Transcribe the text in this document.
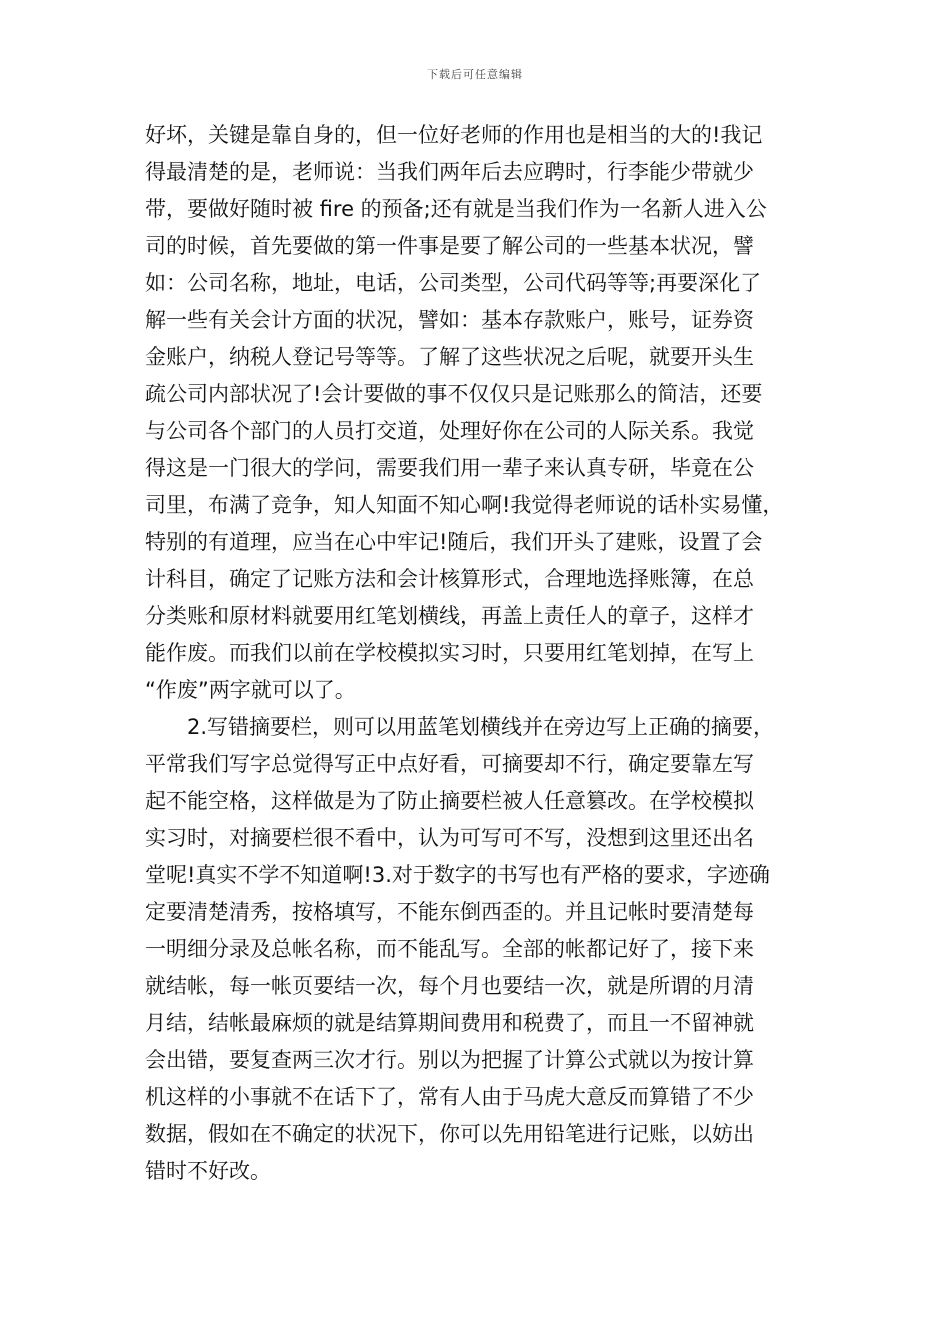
下载后可任意编辑
好坏，关键是靠自身的，但一位好老师的作用也是相当的大的!我记
得最清楚的是，老师说：当我们两年后去应聘时，行李能少带就少
带，要做好随时被 fire 的预备;还有就是当我们作为一名新人进入公
司的时候，首先要做的第一件事是要了解公司的一些基本状况，譬
如：公司名称，地址，电话，公司类型，公司代码等等;再要深化了
解一些有关会计方面的状况，譬如：基本存款账户，账号，证券资
金账户，纳税人登记号等等。了解了这些状况之后呢，就要开头生
疏公司内部状况了!会计要做的事不仅仅只是记账那么的简洁，还要
与公司各个部门的人员打交道，处理好你在公司的人际关系。我觉
得这是一门很大的学问，需要我们用一辈子来认真专研，毕竟在公
司里，布满了竞争，知人知面不知心啊!我觉得老师说的话朴实易懂，
特别的有道理，应当在心中牢记!随后，我们开头了建账，设置了会
计科目，确定了记账方法和会计核算形式，合理地选择账簿，在总
分类账和原材料就要用红笔划横线，再盖上责任人的章子，这样才
能作废。而我们以前在学校模拟实习时，只要用红笔划掉，在写上
“作废”两字就可以了。
2.写错摘要栏，则可以用蓝笔划横线并在旁边写上正确的摘要，
平常我们写字总觉得写正中点好看，可摘要却不行，确定要靠左写
起不能空格，这样做是为了防止摘要栏被人任意篡改。在学校模拟
实习时，对摘要栏很不看中，认为可写可不写，没想到这里还出名
堂呢!真实不学不知道啊!3.对于数字的书写也有严格的要求，字迹确
定要清楚清秀，按格填写，不能东倒西歪的。并且记帐时要清楚每
一明细分录及总帐名称，而不能乱写。全部的帐都记好了，接下来
就结帐，每一帐页要结一次，每个月也要结一次，就是所谓的月清
月结，结帐最麻烦的就是结算期间费用和税费了，而且一不留神就
会出错，要复查两三次才行。别以为把握了计算公式就以为按计算
机这样的小事就不在话下了，常有人由于马虎大意反而算错了不少
数据，假如在不确定的状况下，你可以先用铅笔进行记账，以妨出
错时不好改。
